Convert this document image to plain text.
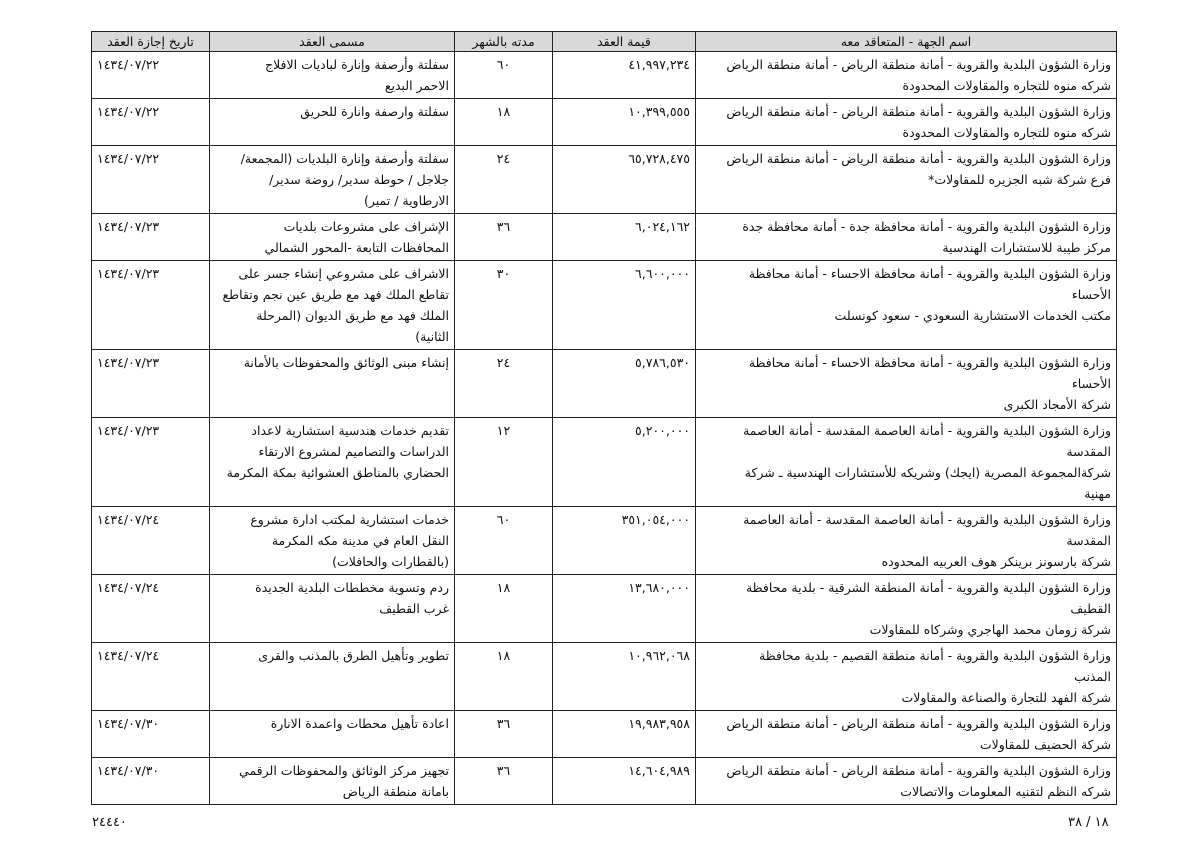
اسم الجهة - المتعاقد معه	قيمة العقد	مدته بالشهر	مسمى العقد	تاريخ إجازة العقد

وزارة الشؤون البلدية والقروية - أمانة منطقة الرياض - أمانة منطقة الرياض
شركه منوه للتجاره والمقاولات المحدودة	٤١,٩٩٧,٢٣٤	٦٠	سفلتة وأرصفة وإنارة لباديات الافلاج
الاحمر البديع	١٤٣٤/٠٧/٢٢

وزارة الشؤون البلدية والقروية - أمانة منطقة الرياض - أمانة منطقة الرياض
شركه منوه للتجاره والمقاولات المحدودة	١٠,٣٩٩,٥٥٥	١٨	سفلتة وارصفة وانارة للحريق	١٤٣٤/٠٧/٢٢

وزارة الشؤون البلدية والقروية - أمانة منطقة الرياض - أمانة منطقة الرياض
فرع شركة شبه الجزيره للمقاولات*	٦٥,٧٢٨,٤٧٥	٢٤	سفلتة وأرصفة وإنارة البلديات (المجمعة/
جلاجل / حوطة سدير/ روضة سدير/
الارطاوية / تمير)	١٤٣٤/٠٧/٢٢

وزارة الشؤون البلدية والقروية - أمانة محافظة جدة - أمانة محافظة جدة
مركز طيبة للاستشارات الهندسية	٦,٠٢٤,١٦٢	٣٦	الإشراف على مشروعات بلديات
المحافظات التابعة -المحور الشمالي	١٤٣٤/٠٧/٢٣

وزارة الشؤون البلدية والقروية - أمانة محافظة الاحساء - أمانة محافظة
الأحساء
مكتب الخدمات الاستشارية السعودي - سعود كونسلت	٦,٦٠٠,٠٠٠	٣٠	الاشراف على مشروعي إنشاء جسر على
تقاطع الملك فهد مع طريق عين نجم وتقاطع
الملك فهد مع طريق الديوان (المرحلة
الثانية)	١٤٣٤/٠٧/٢٣

وزارة الشؤون البلدية والقروية - أمانة محافظة الاحساء - أمانة محافظة
الأحساء
شركة الأمجاد الكبرى	٥,٧٨٦,٥٣٠	٢٤	إنشاء مبنى الوثائق والمحفوظات بالأمانة	١٤٣٤/٠٧/٢٣

وزارة الشؤون البلدية والقروية - أمانة العاصمة المقدسة - أمانة العاصمة
المقدسة
شركةالمجموعة المصرية (ايجك) وشريكه للأستشارات الهندسية ـ شركة
مهنية	٥,٢٠٠,٠٠٠	١٢	تقديم خدمات هندسية استشارية لاعداد
الدراسات والتصاميم لمشروع الارتقاء
الحضاري بالمناطق العشوائية بمكة المكرمة	١٤٣٤/٠٧/٢٣

وزارة الشؤون البلدية والقروية - أمانة العاصمة المقدسة - أمانة العاصمة
المقدسة
شركة بارسونز برينكر هوف العربيه المحدوده	٣٥١,٠٥٤,٠٠٠	٦٠	خدمات استشارية لمكتب ادارة مشروع
النقل العام في مدينة مكه المكرمة
(بالقطارات والحافلات)	١٤٣٤/٠٧/٢٤

وزارة الشؤون البلدية والقروية - أمانة المنطقة الشرقية - بلدية محافظة
القطيف
شركة زومان محمد الهاجري وشركاه للمقاولات	١٣,٦٨٠,٠٠٠	١٨	ردم وتسوية مخططات البلدية الجديدة
غرب القطيف	١٤٣٤/٠٧/٢٤

وزارة الشؤون البلدية والقروية - أمانة منطقة القصيم - بلدية محافظة
المذنب
شركة الفهد للتجارة والصناعة والمقاولات	١٠,٩٦٢,٠٦٨	١٨	تطوير وتأهيل الطرق بالمذنب والقرى	١٤٣٤/٠٧/٢٤

وزارة الشؤون البلدية والقروية - أمانة منطقة الرياض - أمانة منطقة الرياض
شركة الحضيف للمقاولات	١٩,٩٨٣,٩٥٨	٣٦	اعادة تأهيل محطات واعمدة الانارة	١٤٣٤/٠٧/٣٠

وزارة الشؤون البلدية والقروية - أمانة منطقة الرياض - أمانة منطقة الرياض
شركه النظم لتقنيه المعلومات والاتصالات	١٤,٦٠٤,٩٨٩	٣٦	تجهيز مركز الوثائق والمحفوظات الرقمي
بامانة منطقة الرياض	١٤٣٤/٠٧/٣٠
١٨ / ٣٨
٢٤٤٤٠
